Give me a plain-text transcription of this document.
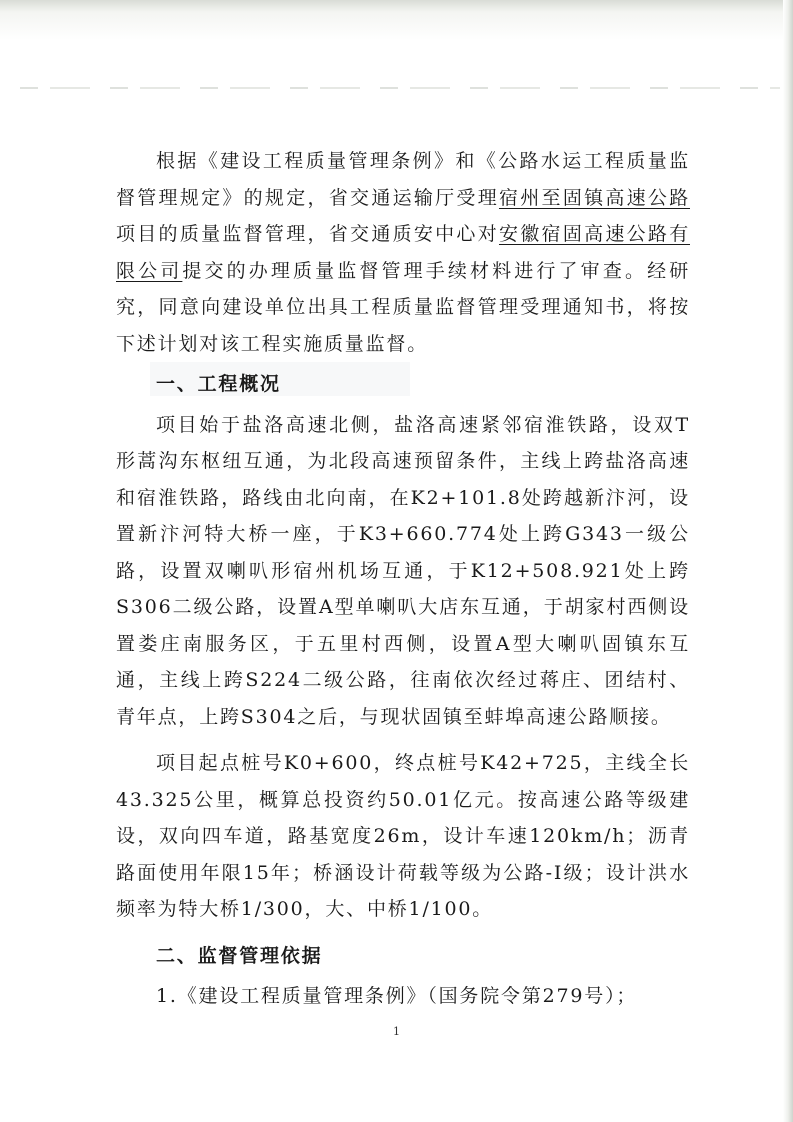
根据《建设工程质量管理条例》和《公路水运工程质量监督管理规定》的规定，省交通运输厅受理宿州至固镇高速公路项目的质量监督管理，省交通质安中心对安徽宿固高速公路有限公司提交的办理质量监督管理手续材料进行了审查。经研究，同意向建设单位出具工程质量监督管理受理通知书，将按下述计划对该工程实施质量监督。

一、工程概况

项目始于盐洛高速北侧，盐洛高速紧邻宿淮铁路，设双T形蒿沟东枢纽互通，为北段高速预留条件，主线上跨盐洛高速和宿淮铁路，路线由北向南，在K2+101.8处跨越新汴河，设置新汴河特大桥一座，于K3+660.774处上跨G343一级公路，设置双喇叭形宿州机场互通，于K12+508.921处上跨S306二级公路，设置A型单喇叭大店东互通，于胡家村西侧设置娄庄南服务区，于五里村西侧，设置A型大喇叭固镇东互通，主线上跨S224二级公路，往南依次经过蒋庄、团结村、青年点，上跨S304之后，与现状固镇至蚌埠高速公路顺接。

项目起点桩号K0+600，终点桩号K42+725，主线全长43.325公里，概算总投资约50.01亿元。按高速公路等级建设，双向四车道，路基宽度26m，设计车速120km/h；沥青路面使用年限15年；桥涵设计荷载等级为公路-I级；设计洪水频率为特大桥1/300，大、中桥1/100。

二、监督管理依据

1.《建设工程质量管理条例》（国务院令第279号）；

1
